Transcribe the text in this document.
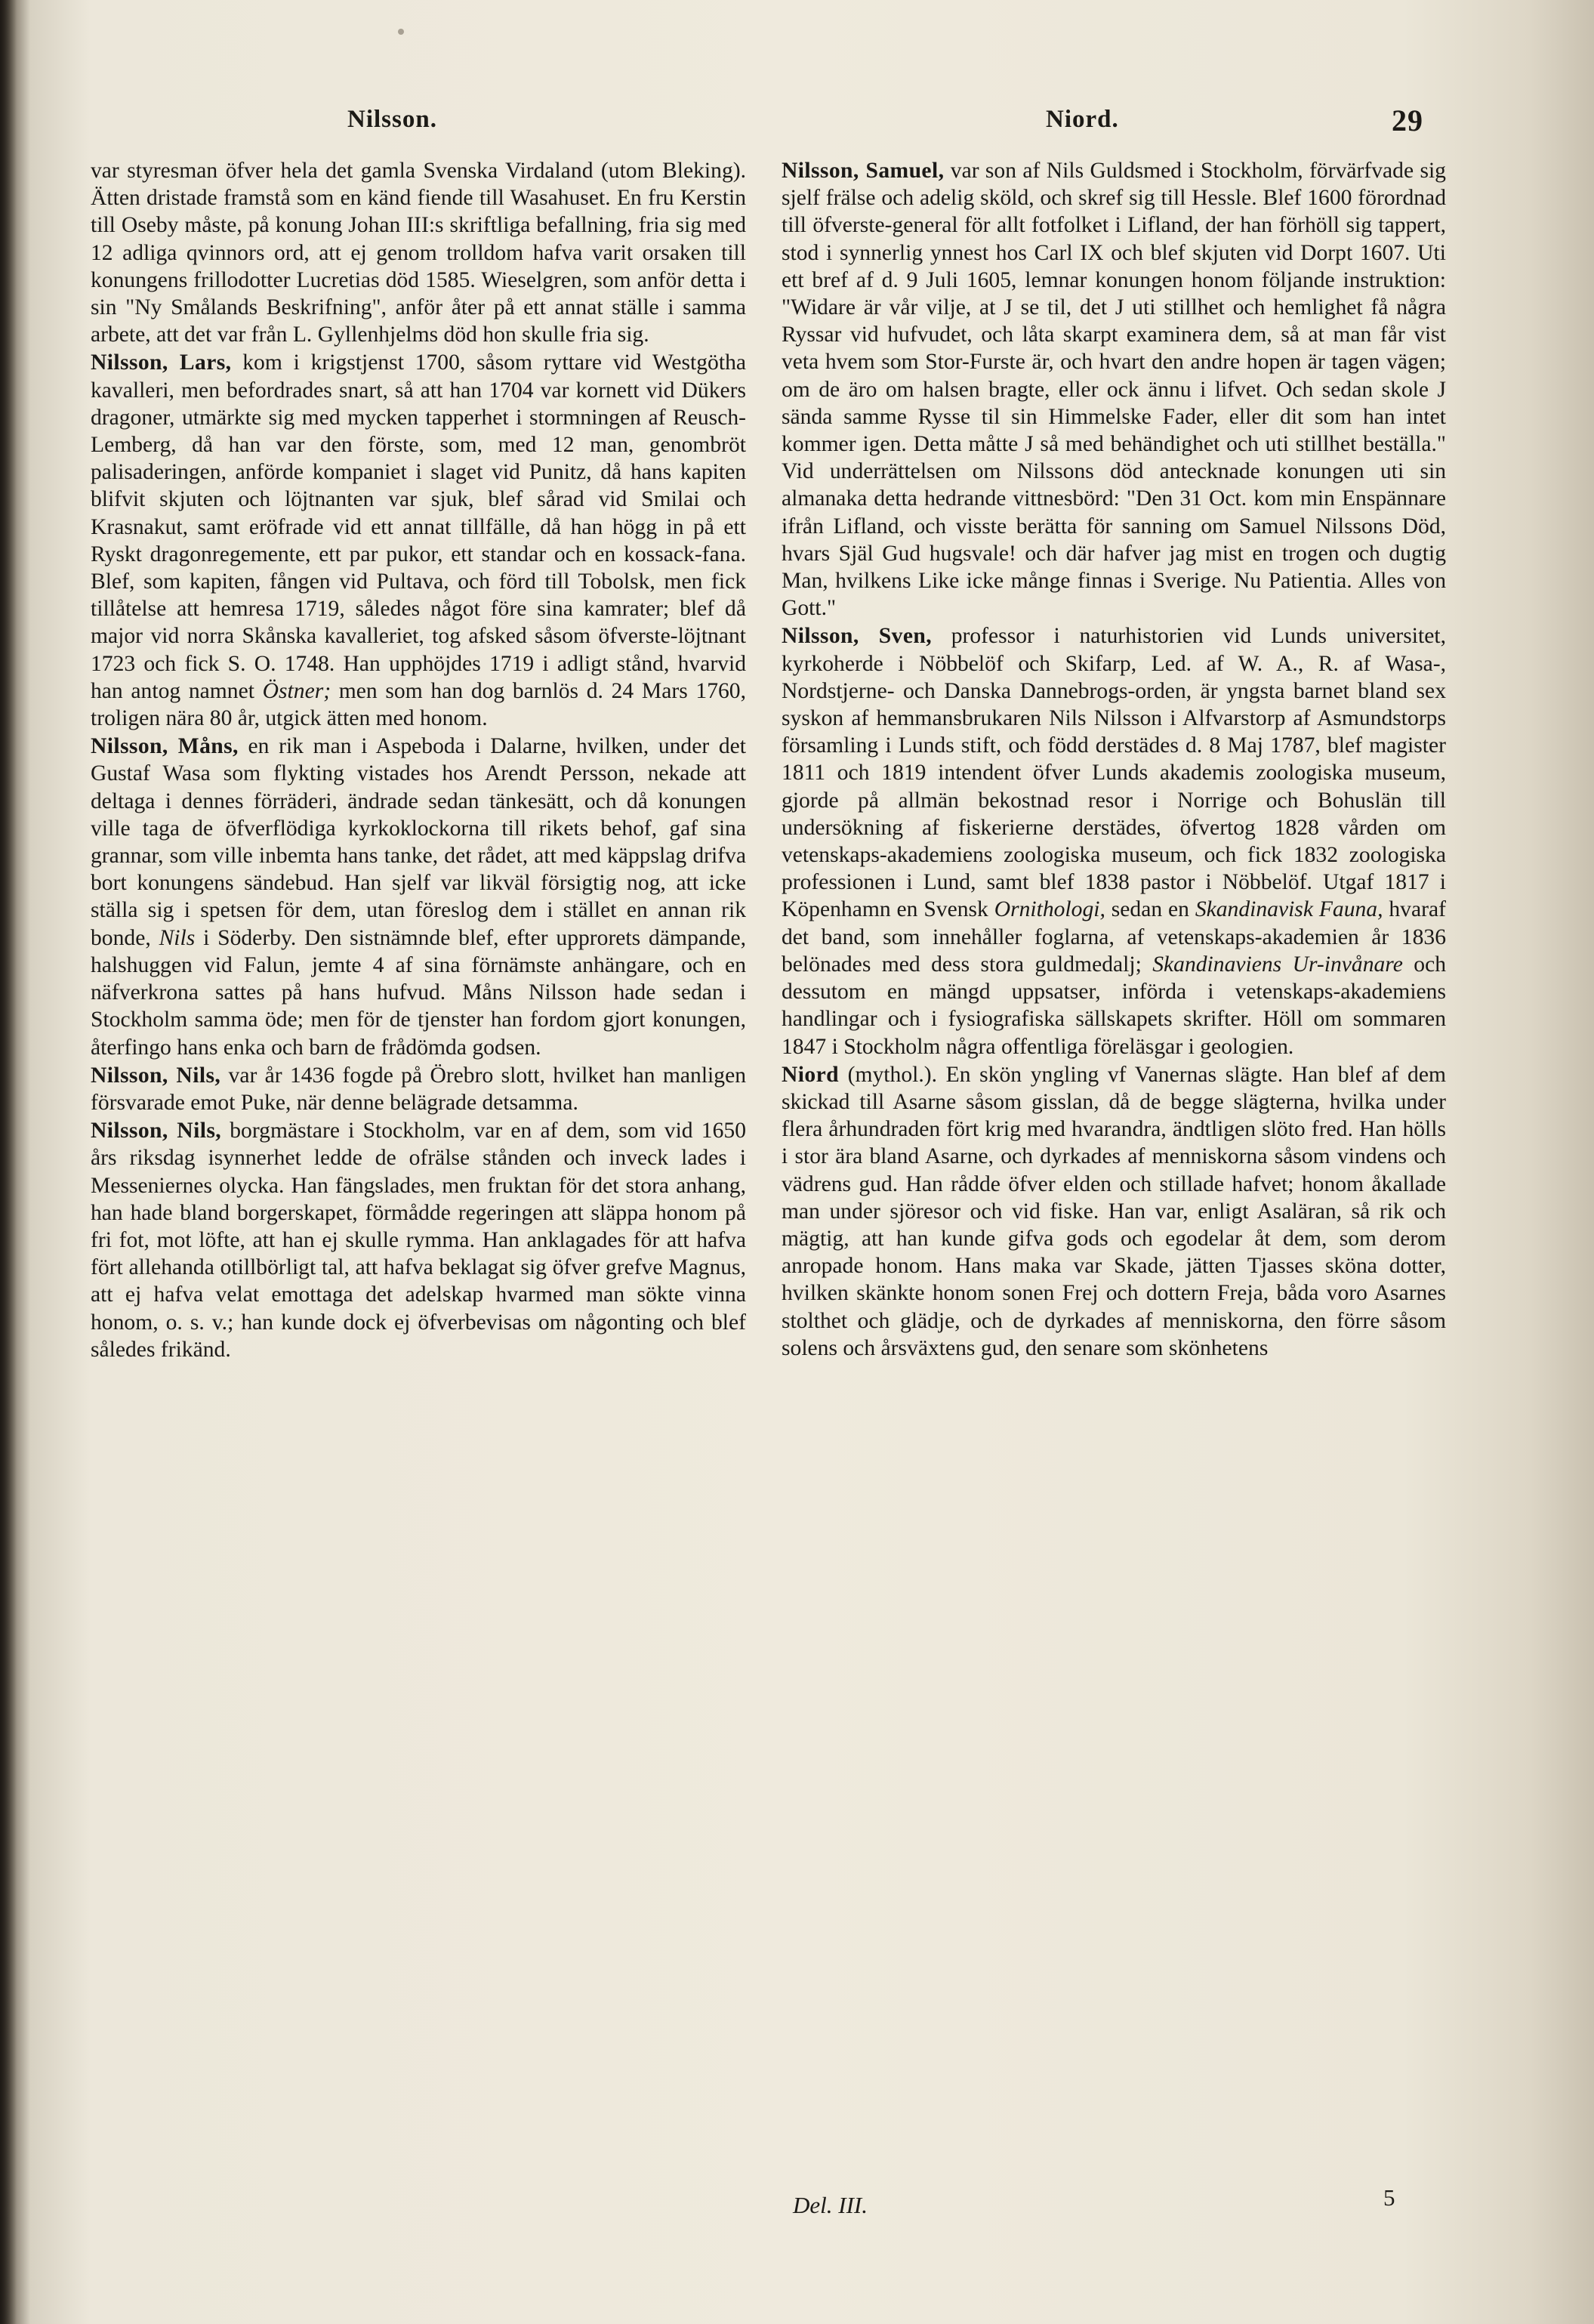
Nilsson.	Niord.	29

var styresman öfver hela det gamla Svenska Virdaland (utom Bleking). Ätten dristade framstå som en känd fiende till Wasahuset. En fru Kerstin till Oseby måste, på konung Johan III:s skriftliga befallning, fria sig med 12 adliga qvinnors ord, att ej genom trolldom hafva varit orsaken till konungens frillodotter Lucretias död 1585. Wieselgren, som anför detta i sin "Ny Smålands Beskrifning", anför åter på ett annat ställe i samma arbete, att det var från L. Gyllenhjelms död hon skulle fria sig.

Nilsson, Lars, kom i krigstjenst 1700, såsom ryttare vid Westgötha kavalleri, men befordrades snart, så att han 1704 var kornett vid Dükers dragoner, utmärkte sig med mycken tapperhet i stormningen af Reusch-Lemberg, då han var den förste, som, med 12 man, genombröt palisaderingen, anförde kompaniet i slaget vid Punitz, då hans kapiten blifvit skjuten och löjtnanten var sjuk, blef sårad vid Smilai och Krasnakut, samt eröfrade vid ett annat tillfälle, då han högg in på ett Ryskt dragonregemente, ett par pukor, ett standar och en kossack-fana. Blef, som kapiten, fången vid Pultava, och förd till Tobolsk, men fick tillåtelse att hemresa 1719, således något före sina kamrater; blef då major vid norra Skånska kavalleriet, tog afsked såsom öfverste-löjtnant 1723 och fick S. O. 1748. Han upphöjdes 1719 i adligt stånd, hvarvid han antog namnet Östner; men som han dog barnlös d. 24 Mars 1760, troligen nära 80 år, utgick ätten med honom.

Nilsson, Måns, en rik man i Aspeboda i Dalarne, hvilken, under det Gustaf Wasa som flykting vistades hos Arendt Persson, nekade att deltaga i dennes förräderi, ändrade sedan tänkesätt, och då konungen ville taga de öfverflödiga kyrkoklockorna till rikets behof, gaf sina grannar, som ville inbemta hans tanke, det rådet, att med käppslag drifva bort konungens sändebud. Han sjelf var likväl försigtig nog, att icke ställa sig i spetsen för dem, utan föreslog dem i stället en annan rik bonde, Nils i Söderby. Den sistnämnde blef, efter upprorets dämpande, halshuggen vid Falun, jemte 4 af sina förnämste anhängare, och en näfverkrona sattes på hans hufvud. Måns Nilsson hade sedan i Stockholm samma öde; men för de tjenster han fordom gjort konungen, återfingo hans enka och barn de frådömda godsen.

Nilsson, Nils, var år 1436 fogde på Örebro slott, hvilket han manligen försvarade emot Puke, när denne belägrade detsamma.

Nilsson, Nils, borgmästare i Stockholm, var en af dem, som vid 1650 års riksdag isynnerhet ledde de ofrälse stånden och inveck lades i Messeniernes olycka. Han fängslades, men fruktan för det stora anhang, han hade bland borgerskapet, förmådde regeringen att släppa honom på fri fot, mot löfte, att han ej skulle rymma. Han anklagades för att hafva fört allehanda otillbörligt tal, att hafva beklagat sig öfver grefve Magnus, att ej hafva velat emottaga det adelskap hvarmed man sökte vinna honom, o. s. v.; han kunde dock ej öfverbevisas om någonting och blef således frikänd.

Nilsson, Samuel, var son af Nils Guldsmed i Stockholm, förvärfvade sig sjelf frälse och adelig sköld, och skref sig till Hessle. Blef 1600 förordnad till öfverste-general för allt fotfolket i Lifland, der han förhöll sig tappert, stod i synnerlig ynnest hos Carl IX och blef skjuten vid Dorpt 1607. Uti ett bref af d. 9 Juli 1605, lemnar konungen honom följande instruktion: "Widare är vår vilje, at J se til, det J uti stillhet och hemlighet få några Ryssar vid hufvudet, och låta skarpt examinera dem, så at man får vist veta hvem som Stor-Furste är, och hvart den andre hopen är tagen vägen; om de äro om halsen bragte, eller ock ännu i lifvet. Och sedan skole J sända samme Rysse til sin Himmelske Fader, eller dit som han intet kommer igen. Detta måtte J så med behändighet och uti stillhet beställa." Vid underrättelsen om Nilssons död antecknade konungen uti sin almanaka detta hedrande vittnesbörd: "Den 31 Oct. kom min Enspännare ifrån Lifland, och visste berätta för sanning om Samuel Nilssons Död, hvars Själ Gud hugsvale! och där hafver jag mist en trogen och dugtig Man, hvilkens Like icke månge finnas i Sverige. Nu Patientia. Alles von Gott."

Nilsson, Sven, professor i naturhistorien vid Lunds universitet, kyrkoherde i Nöbbelöf och Skifarp, Led. af W. A., R. af Wasa-, Nordstjerne- och Danska Dannebrogs-orden, är yngsta barnet bland sex syskon af hemmansbrukaren Nils Nilsson i Alfvarstorp af Asmundstorps församling i Lunds stift, och född derstädes d. 8 Maj 1787, blef magister 1811 och 1819 intendent öfver Lunds akademis zoologiska museum, gjorde på allmän bekostnad resor i Norrige och Bohuslän till undersökning af fiskerierne derstädes, öfvertog 1828 vården om vetenskaps-akademiens zoologiska museum, och fick 1832 zoologiska professionen i Lund, samt blef 1838 pastor i Nöbbelöf. Utgaf 1817 i Köpenhamn en Svensk Ornithologi, sedan en Skandinavisk Fauna, hvaraf det band, som innehåller foglarna, af vetenskaps-akademien år 1836 belönades med dess stora guldmedalj; Skandinaviens Ur-invånare och dessutom en mängd uppsatser, införda i vetenskaps-akademiens handlingar och i fysiografiska sällskapets skrifter. Höll om sommaren 1847 i Stockholm några offentliga föreläsgar i geologien.

Niord (mythol.). En skön yngling vf Vanernas slägte. Han blef af dem skickad till Asarne såsom gisslan, då de begge slägterna, hvilka under flera århundraden fört krig med hvarandra, ändtligen slöto fred. Han hölls i stor ära bland Asarne, och dyrkades af menniskorna såsom vindens och vädrens gud. Han rådde öfver elden och stillade hafvet; honom åkallade man under sjöresor och vid fiske. Han var, enligt Asaläran, så rik och mägtig, att han kunde gifva gods och egodelar åt dem, som derom anropade honom. Hans maka var Skade, jätten Tjasses sköna dotter, hvilken skänkte honom sonen Frej och dottern Freja, båda voro Asarnes stolthet och glädje, och de dyrkades af menniskorna, den förre såsom solens och årsväxtens gud, den senare som skönhetens

Del. III.	5
